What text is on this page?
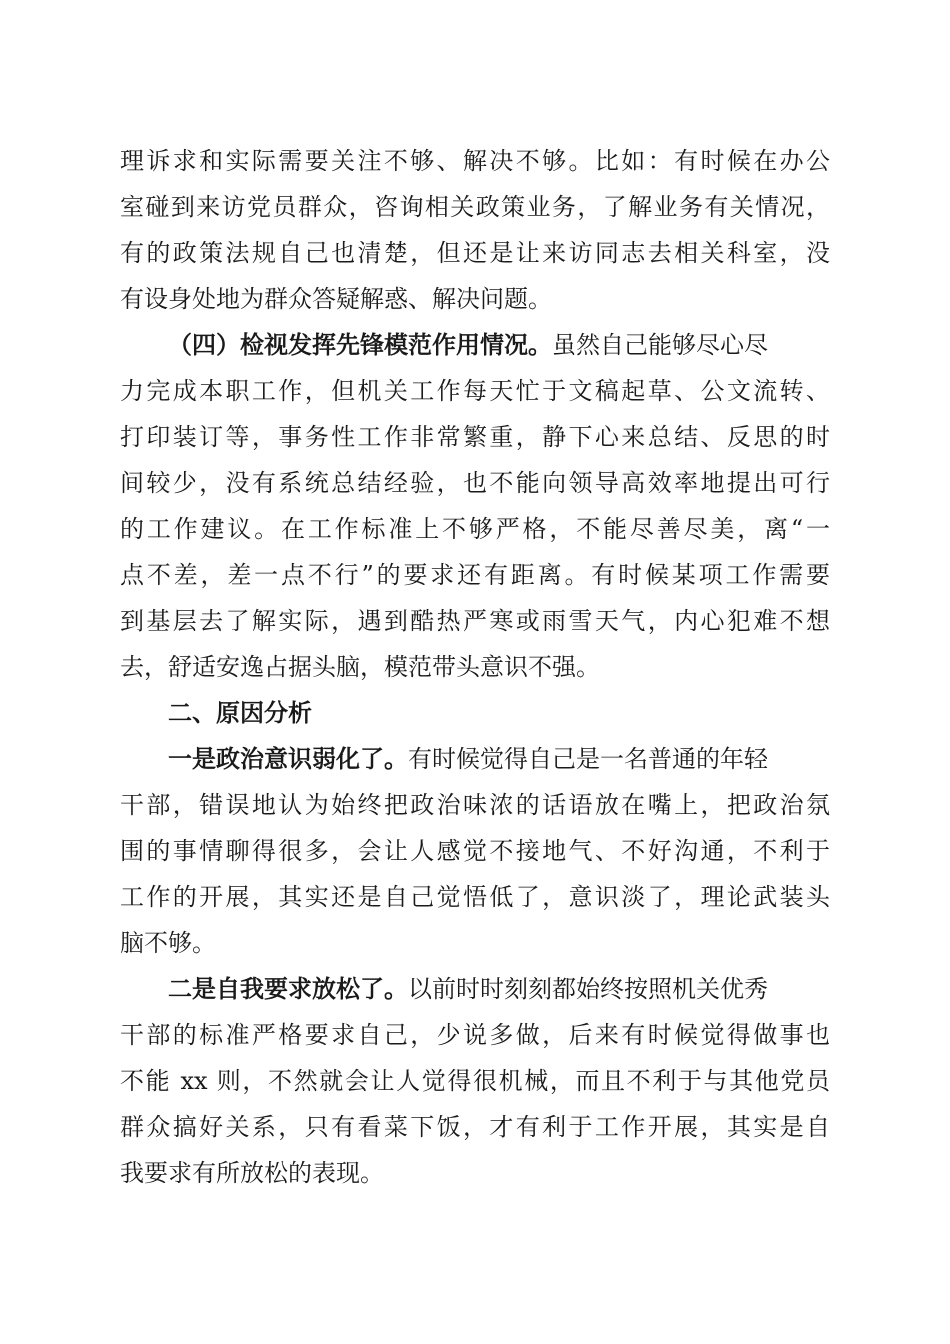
理诉求和实际需要关注不够、解决不够。比如：有时候在办公
室碰到来访党员群众，咨询相关政策业务，了解业务有关情况，
有的政策法规自己也清楚，但还是让来访同志去相关科室，没
有设身处地为群众答疑解惑、解决问题。
（四）检视发挥先锋模范作用情况。虽然自己能够尽心尽
力完成本职工作，但机关工作每天忙于文稿起草、公文流转、
打印装订等，事务性工作非常繁重，静下心来总结、反思的时
间较少，没有系统总结经验，也不能向领导高效率地提出可行
的工作建议。在工作标准上不够严格，不能尽善尽美，离“一
点不差，差一点不行”的要求还有距离。有时候某项工作需要
到基层去了解实际，遇到酷热严寒或雨雪天气，内心犯难不想
去，舒适安逸占据头脑，模范带头意识不强。
二、原因分析
一是政治意识弱化了。有时候觉得自己是一名普通的年轻
干部，错误地认为始终把政治味浓的话语放在嘴上，把政治氛
围的事情聊得很多，会让人感觉不接地气、不好沟通，不利于
工作的开展，其实还是自己觉悟低了，意识淡了，理论武装头
脑不够。
二是自我要求放松了。以前时时刻刻都始终按照机关优秀
干部的标准严格要求自己，少说多做，后来有时候觉得做事也
不能 xx 则，不然就会让人觉得很机械，而且不利于与其他党员
群众搞好关系，只有看菜下饭，才有利于工作开展，其实是自
我要求有所放松的表现。
